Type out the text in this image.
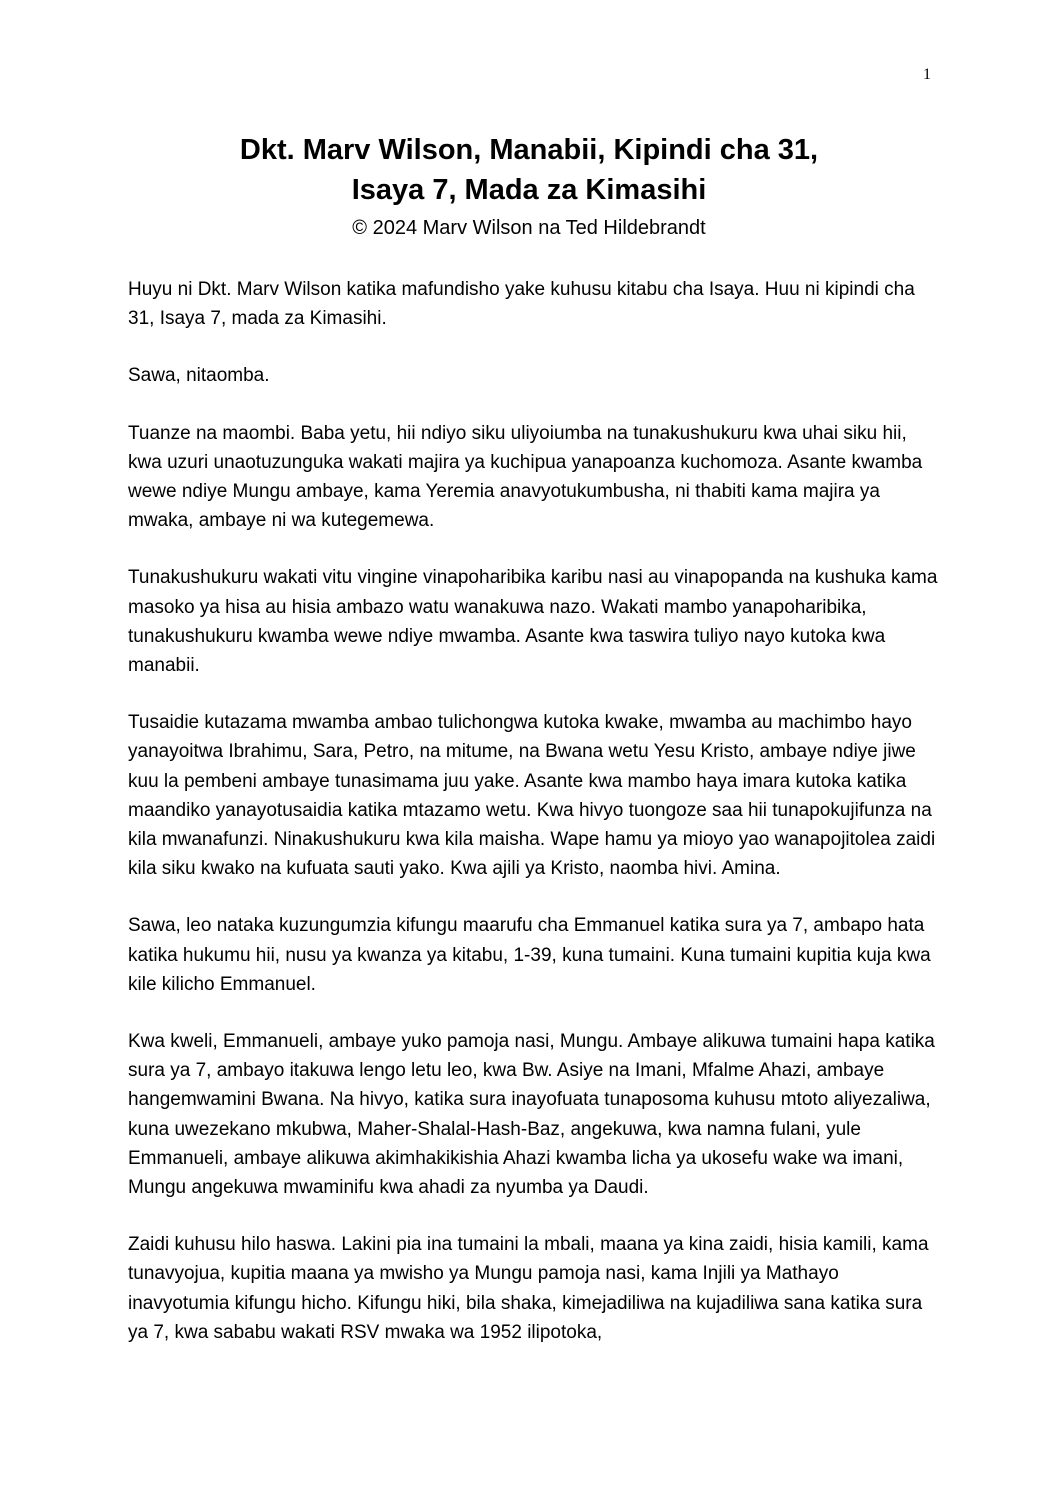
1
Dkt. Marv Wilson, Manabii, Kipindi cha 31,
Isaya 7, Mada za Kimasihi
© 2024 Marv Wilson na Ted Hildebrandt

Huyu ni Dkt. Marv Wilson katika mafundisho yake kuhusu kitabu cha Isaya. Huu ni kipindi cha 31, Isaya 7, mada za Kimasihi.

Sawa, nitaomba.

Tuanze na maombi. Baba yetu, hii ndiyo siku uliyoiumba na tunakushukuru kwa uhai siku hii, kwa uzuri unaotuzunguka wakati majira ya kuchipua yanapoanza kuchomoza. Asante kwamba wewe ndiye Mungu ambaye, kama Yeremia anavyotukumbusha, ni thabiti kama majira ya mwaka, ambaye ni wa kutegemewa.

Tunakushukuru wakati vitu vingine vinapoharibika karibu nasi au vinapopanda na kushuka kama masoko ya hisa au hisia ambazo watu wanakuwa nazo. Wakati mambo yanapoharibika, tunakushukuru kwamba wewe ndiye mwamba. Asante kwa taswira tuliyo nayo kutoka kwa manabii.

Tusaidie kutazama mwamba ambao tulichongwa kutoka kwake, mwamba au machimbo hayo yanayoitwa Ibrahimu, Sara, Petro, na mitume, na Bwana wetu Yesu Kristo, ambaye ndiye jiwe kuu la pembeni ambaye tunasimama juu yake. Asante kwa mambo haya imara kutoka katika maandiko yanayotusaidia katika mtazamo wetu. Kwa hivyo tuongoze saa hii tunapokujifunza na kila mwanafunzi. Ninakushukuru kwa kila maisha. Wape hamu ya mioyo yao wanapojitolea zaidi kila siku kwako na kufuata sauti yako. Kwa ajili ya Kristo, naomba hivi. Amina.

Sawa, leo nataka kuzungumzia kifungu maarufu cha Emmanuel katika sura ya 7, ambapo hata katika hukumu hii, nusu ya kwanza ya kitabu, 1-39, kuna tumaini. Kuna tumaini kupitia kuja kwa kile kilicho Emmanuel.

Kwa kweli, Emmanueli, ambaye yuko pamoja nasi, Mungu. Ambaye alikuwa tumaini hapa katika sura ya 7, ambayo itakuwa lengo letu leo, kwa Bw. Asiye na Imani, Mfalme Ahazi, ambaye hangemwamini Bwana. Na hivyo, katika sura inayofuata tunaposoma kuhusu mtoto aliyezaliwa, kuna uwezekano mkubwa, Maher-Shalal-Hash-Baz, angekuwa, kwa namna fulani, yule Emmanueli, ambaye alikuwa akimhakikishia Ahazi kwamba licha ya ukosefu wake wa imani, Mungu angekuwa mwaminifu kwa ahadi za nyumba ya Daudi.

Zaidi kuhusu hilo haswa. Lakini pia ina tumaini la mbali, maana ya kina zaidi, hisia kamili, kama tunavyojua, kupitia maana ya mwisho ya Mungu pamoja nasi, kama Injili ya Mathayo inavyotumia kifungu hicho. Kifungu hiki, bila shaka, kimejadiliwa na kujadiliwa sana katika sura ya 7, kwa sababu wakati RSV mwaka wa 1952 ilipotoka,
